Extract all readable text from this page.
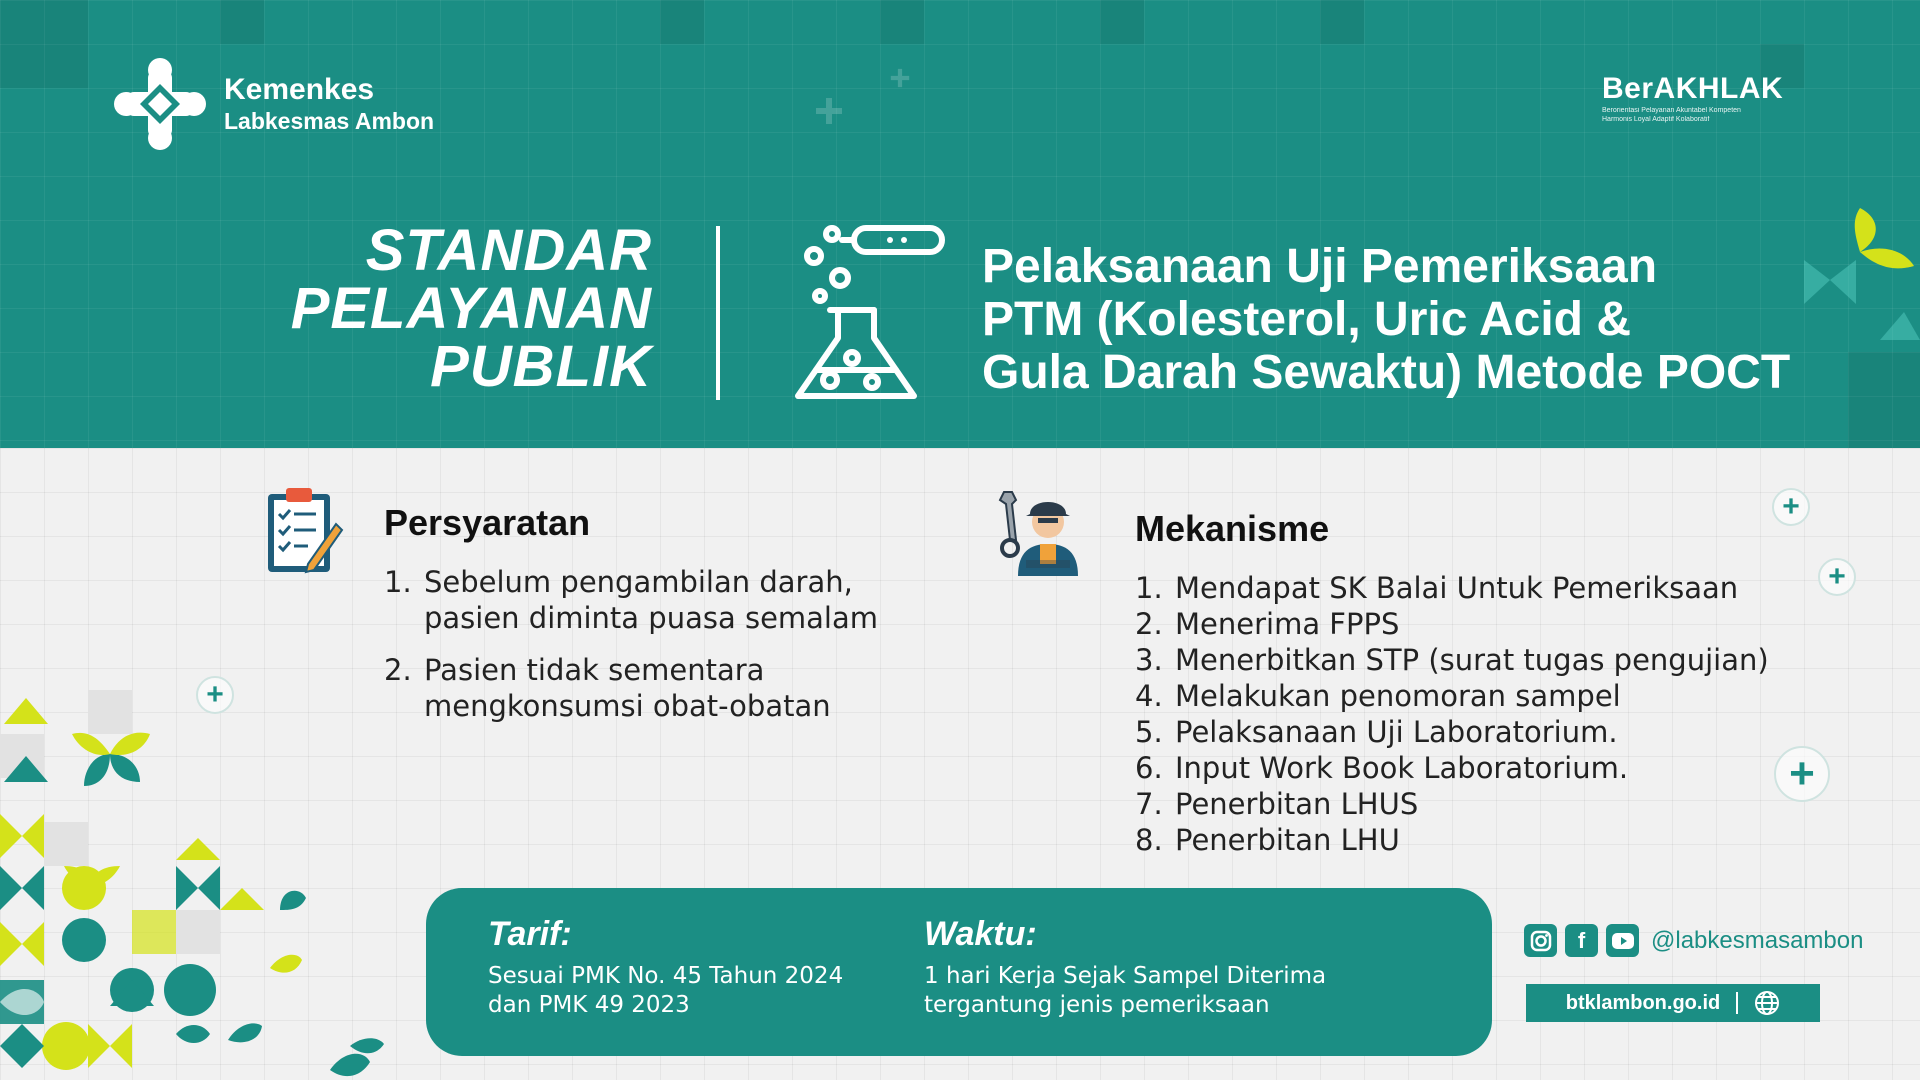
Kemenkes
Labkesmas Ambon
BerAKHLAK
Berorientasi Pelayanan Akuntabel Kompeten
Harmonis Loyal Adaptif Kolaboratif
STANDAR
PELAYANAN
PUBLIK
Pelaksanaan Uji Pemeriksaan
PTM (Kolesterol, Uric Acid &
Gula Darah Sewaktu) Metode POCT
Persyaratan
1. Sebelum pengambilan darah, pasien diminta puasa semalam
2. Pasien tidak sementara mengkonsumsi obat-obatan
Mekanisme
1. Mendapat SK Balai Untuk Pemeriksaan
2. Menerima FPPS
3. Menerbitkan STP (surat tugas pengujian)
4. Melakukan penomoran sampel
5. Pelaksanaan Uji Laboratorium.
6. Input Work Book Laboratorium.
7. Penerbitan LHUS
8. Penerbitan LHU
+
+
+
+
Tarif:
Sesuai PMK No. 45 Tahun 2024
dan PMK 49 2023
Waktu:
1 hari Kerja Sejak Sampel Diterima
tergantung jenis pemeriksaan
f	@labkesmasambon
btklambon.go.id
